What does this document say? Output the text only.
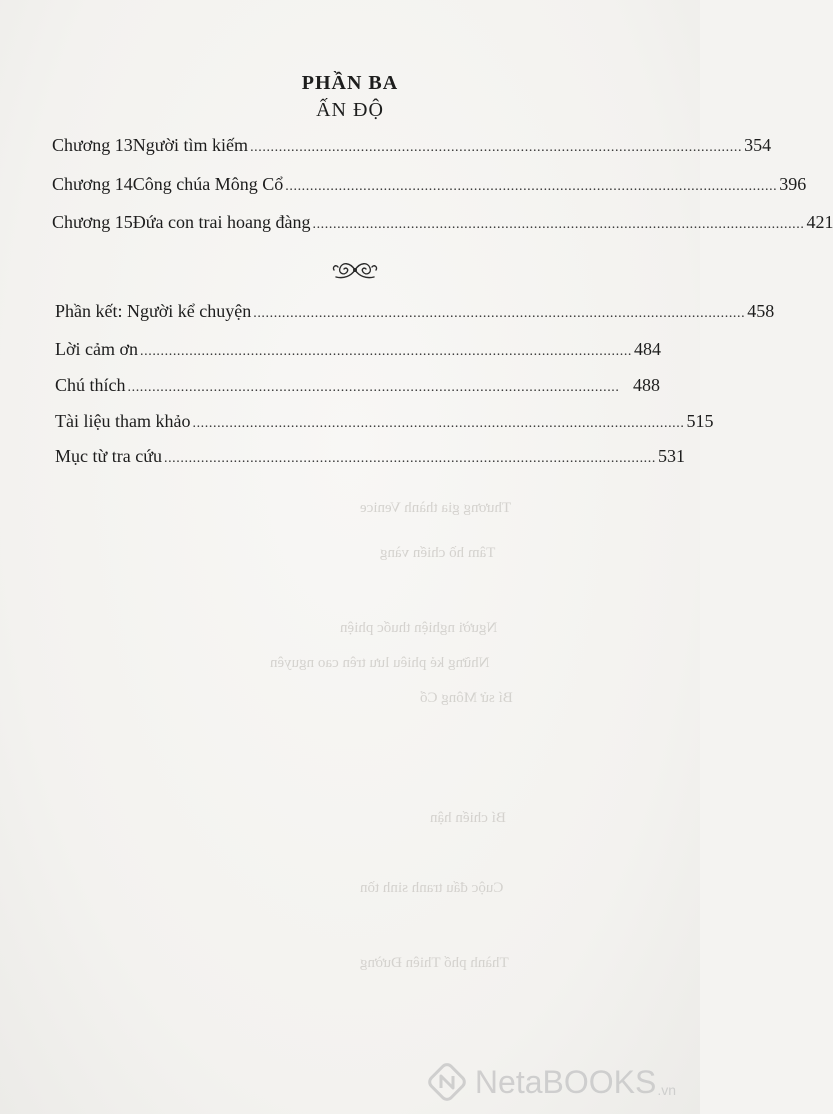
Thương gia thành Venice
Tâm hồ chiến vàng
Người nghiện thuốc phiện
Những kẻ phiêu lưu trên cao nguyên
Bí sử Mông Cổ
Bí chiến hận
Cuộc đấu tranh sinh tồn
Thành phố Thiên Đường
PHẦN BA
ẤN ĐỘ
Chương 13 Người tìm kiếm ........................................................................................................................ 354
Chương 14 Công chúa Mông Cổ ........................................................................................................................ 396
Chương 15 Đứa con trai hoang đàng ........................................................................................................................ 421
Phần kết: Người kể chuyện ........................................................................................................................ 458
Lời cảm ơn ........................................................................................................................ 484
Chú thích ........................................................................................................................ 488
Tài liệu tham khảo ........................................................................................................................ 515
Mục từ tra cứu ........................................................................................................................ 531
NetaBOOKS .vn
